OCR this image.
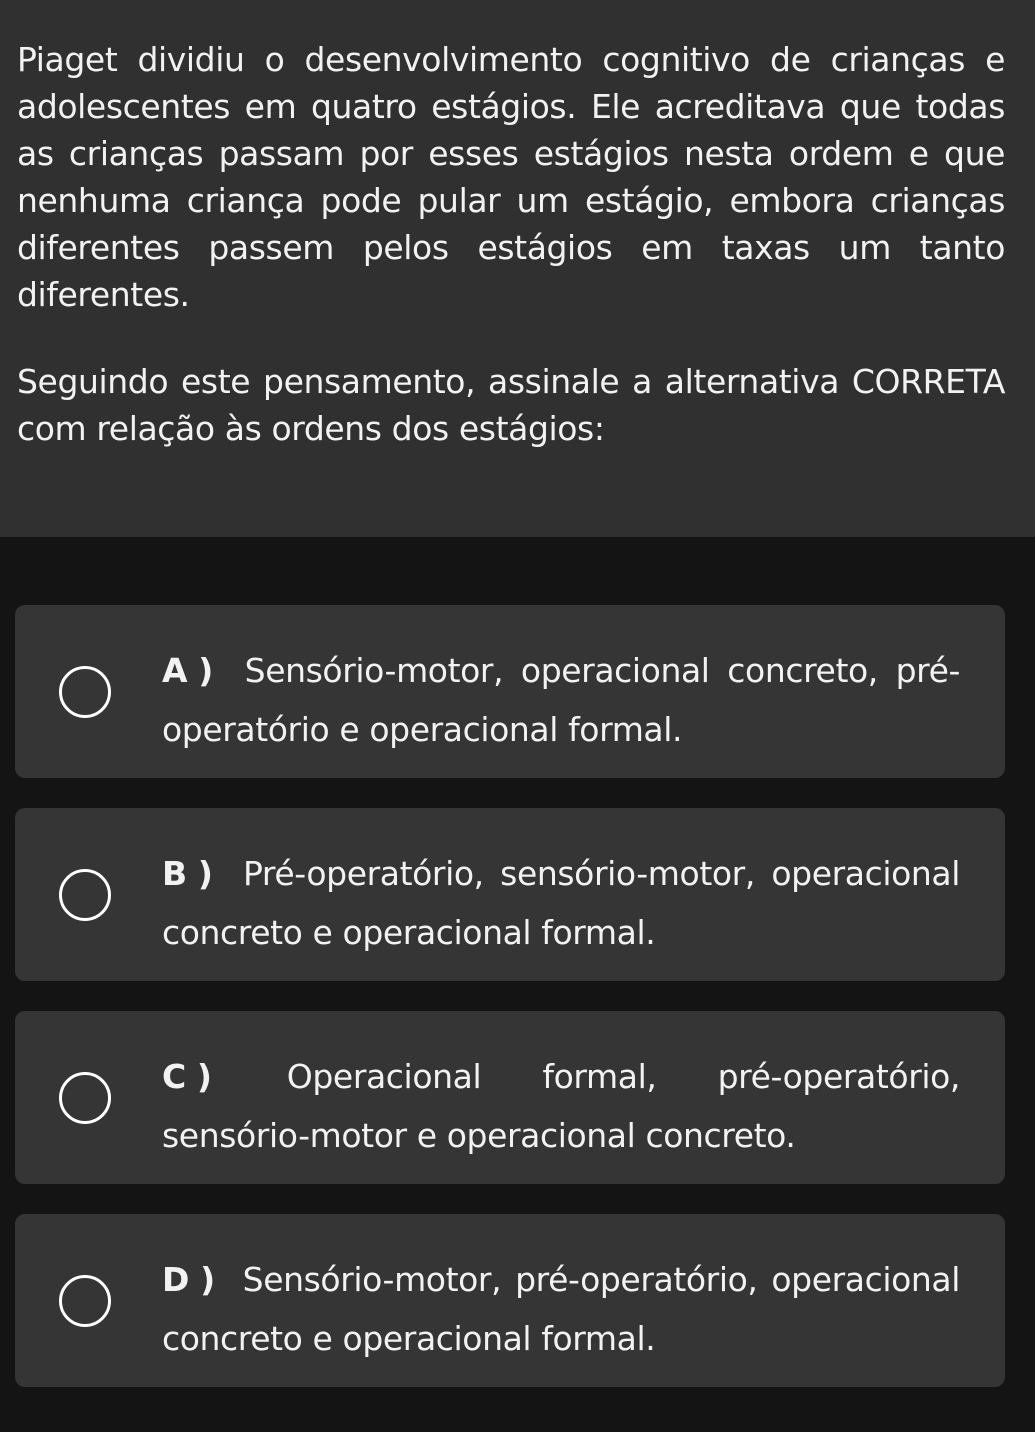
Piaget dividiu o desenvolvimento cognitivo de crianças e adolescentes em quatro estágios. Ele acreditava que todas as crianças passam por esses estágios nesta ordem e que nenhuma criança pode pular um estágio, embora crianças diferentes passem pelos estágios em taxas um tanto diferentes.

Seguindo este pensamento, assinale a alternativa CORRETA com relação às ordens dos estágios:

A ) Sensório-motor, operacional concreto, pré-operatório e operacional formal.
B ) Pré-operatório, sensório-motor, operacional concreto e operacional formal.
C ) Operacional formal, pré-operatório, sensório-motor e operacional concreto.
D ) Sensório-motor, pré-operatório, operacional concreto e operacional formal.
